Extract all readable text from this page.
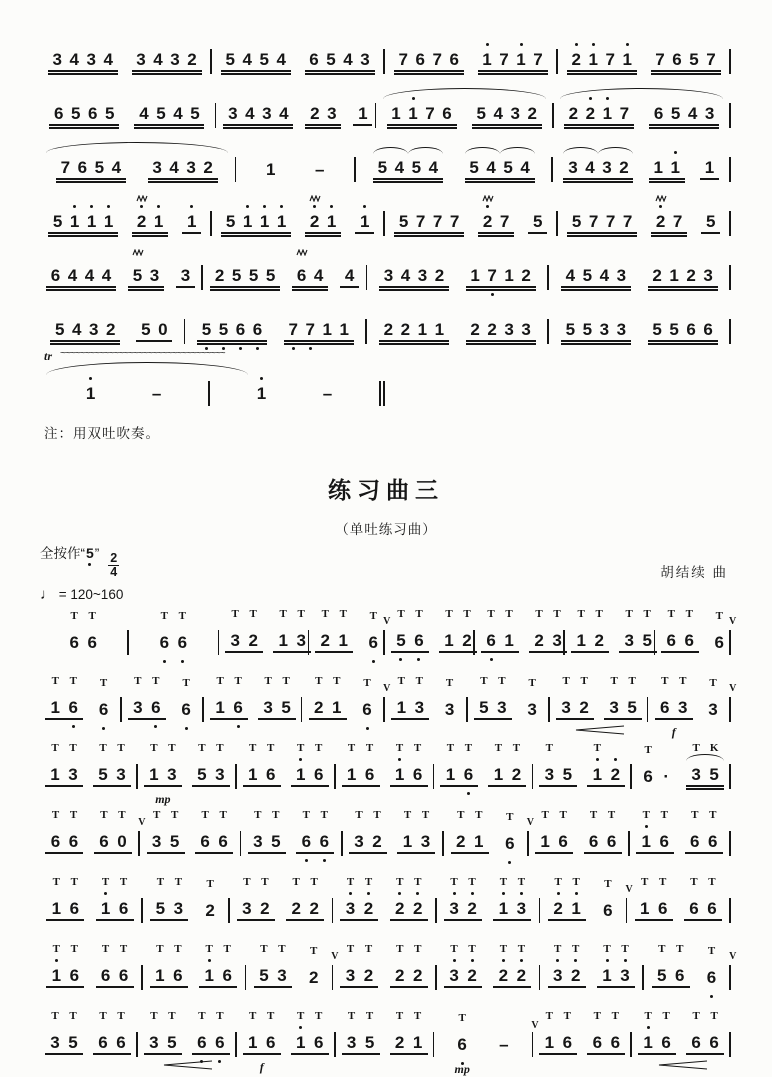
3 4 3 4 3 4 3 2 5 4 5 4 6 5 4 3 7 6 7 6 1 7 1 7 2 1 7 1 7 6 5 7
6 5 6 5 4 5 4 5 3 4 3 4 2 3 1 1 1 7 6 5 4 3 2 2 2 1 7 6 5 4 3
7 6 5 4 3 4 3 2	1 –	5 4 5 4 5 4 5 4 3 4 3 2 1 1 1
5 1 1 1 2 1 1 5 1 1 1 2 1 1 5 7 7 7 2 7 5 5 7 7 7 2 7 5
6 4 4 4 5 3 3 2 5 5 5 6 4 4 3 4 3 2 1 7 1 2 4 5 4 3 2 1 2 3
5 4 3 2 5 0 5 5 6 6 7 7 1 1 2 2 1 1 2 2 3 3 5 5 3 3 5 5 6 6
tr ~~~~~~~~~~~~~~~~~~~~~~~~~~~~~~~~~~
1	–	1	–
注：用双吐吹奏。
练习曲三
（单吐练习曲）
全按作“5
” $\frac{2}{4}$
♩ = 120~160
胡结续 曲
T
6
T
6
T
6
T
6
T
3
T
2
T
1
T
3
T
2
T
1
T
6
V
T
5
T
6
T
1
T
2
T
6
T
1
T
2
T
3
T
1
T
2
T
3
T
5
T
6
T
6
T
6
V
T
1
T
6
T
6
T
3
T
6
T
6
T
1
T
6
T
3
T
5
T
2
T
1
T
6
V
T
1
T
3
T
3
T
5
T
3
T
3
T
3
T
2
T
3
T
5
T
6
T
3
f
T
3
V
T
1
T
3
T
5
T
3
T
1
T
3
mp
T
5
T
3
T
1
T
6
T
1
T
6
T
1
T
6
T
1
T
6
T
1
T
6
T
1
T
2
T
3 5
T
1 2
T
6 ·
T
3
K
5
T
6
T
6
T
6
T
0
V
T
3
T
5
T
6
T
6
T
3
T
5
T
6
T
6
T
3
T
2
T
1
T
3
T
2
T
1
T
6
V
T
1
T
6
T
6
T
6
T
1
T
6
T
6
T
6
T
1
T
6
T
1
T
6
T
5
T
3
T
2
T
3
T
2
T
2
T
2
T
3
T
2
T
2
T
2
T
3
T
2
T
1
T
3
T
2
T
1
T
6
V
T
1
T
6
T
6
T
6
T
1
T
6
T
6
T
6
T
1
T
6
T
1
T
6
T
5
T
3
T
2
V
T
3
T
2
T
2
T
2
T
3
T
2
T
2
T
2
T
3
T
2
T
1
T
3
T
5
T
6
T
6
V
T
3
T
5
T
6
T
6
T
3
T
5
T
6
T
6
T
1
T
6
f
T
1
T
6
T
3
T
5
T
2
T
1
T
6
mp
–
V
T
1
T
6
T
6
T
6
T
1
T
6
T
6
T
6
